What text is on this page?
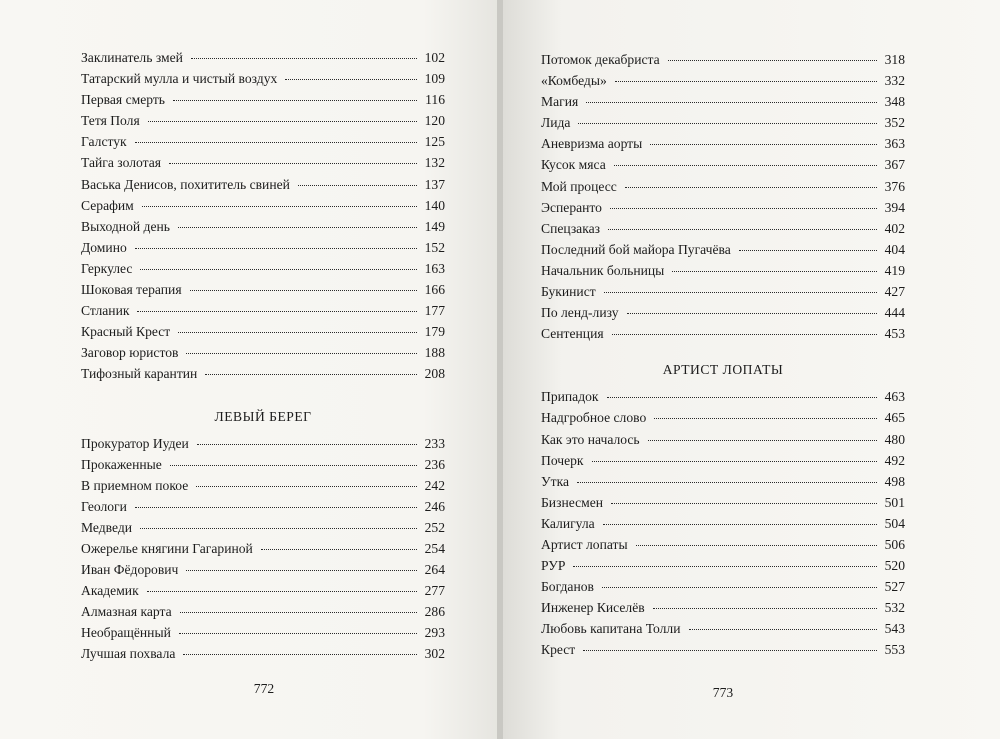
Заклинатель змей	102
Татарский мулла и чистый воздух	109
Первая смерть	116
Тетя Поля	120
Галстук	125
Тайга золотая	132
Васька Денисов, похититель свиней	137
Серафим	140
Выходной день	149
Домино	152
Геркулес	163
Шоковая терапия	166
Стланик	177
Красный Крест	179
Заговор юристов	188
Тифозный карантин	208
ЛЕВЫЙ БЕРЕГ
Прокуратор Иудеи	233
Прокаженные	236
В приемном покое	242
Геологи	246
Медведи	252
Ожерелье княгини Гагариной	254
Иван Фёдорович	264
Академик	277
Алмазная карта	286
Необращённый	293
Лучшая похвала	302
Потомок декабриста	318
«Комбеды»	332
Магия	348
Лида	352
Аневризма аорты	363
Кусок мяса	367
Мой процесс	376
Эсперанто	394
Спецзаказ	402
Последний бой майора Пугачёва	404
Начальник больницы	419
Букинист	427
По ленд-лизу	444
Сентенция	453
АРТИСТ ЛОПАТЫ
Припадок	463
Надгробное слово	465
Как это началось	480
Почерк	492
Утка	498
Бизнесмен	501
Калигула	504
Артист лопаты	506
РУР	520
Богданов	527
Инженер Киселёв	532
Любовь капитана Толли	543
Крест	553
772	773
